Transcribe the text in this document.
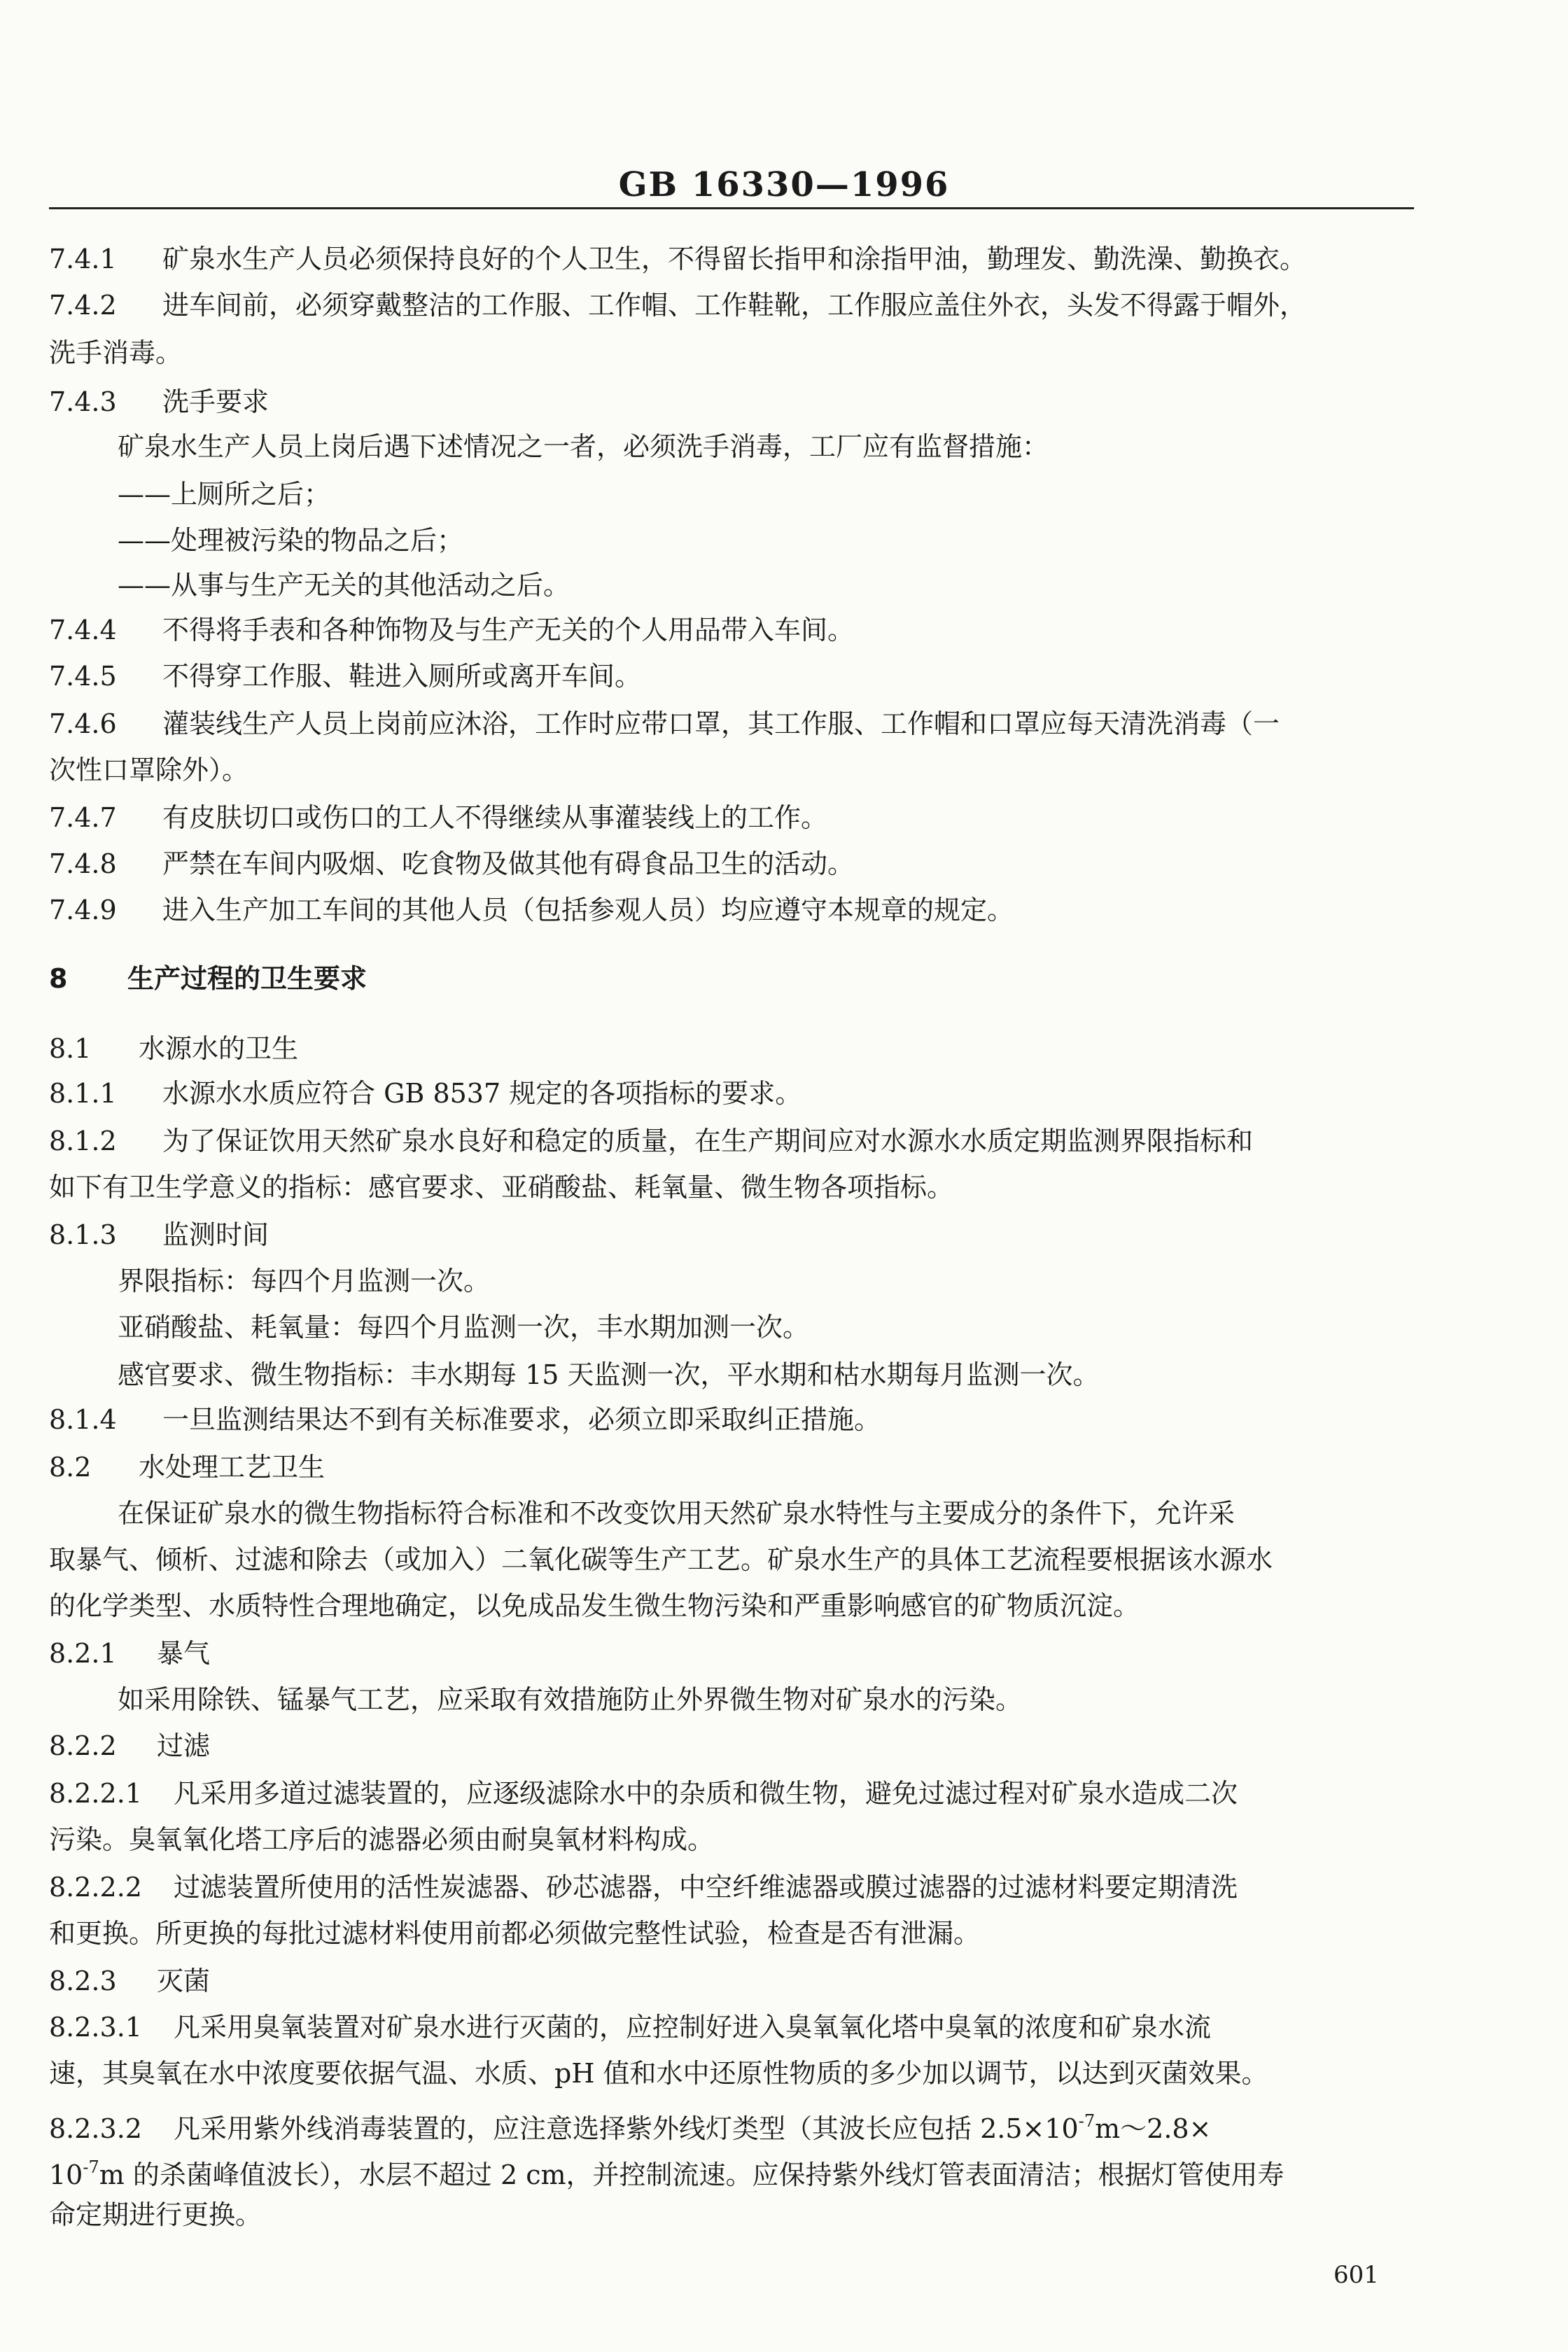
GB 16330—1996
7.4.1 矿泉水生产人员必须保持良好的个人卫生，不得留长指甲和涂指甲油，勤理发、勤洗澡、勤换衣。
7.4.2 进车间前，必须穿戴整洁的工作服、工作帽、工作鞋靴，工作服应盖住外衣，头发不得露于帽外，
洗手消毒。
7.4.3 洗手要求
矿泉水生产人员上岗后遇下述情况之一者，必须洗手消毒，工厂应有监督措施：
——上厕所之后；
——处理被污染的物品之后；
——从事与生产无关的其他活动之后。
7.4.4 不得将手表和各种饰物及与生产无关的个人用品带入车间。
7.4.5 不得穿工作服、鞋进入厕所或离开车间。
7.4.6 灌装线生产人员上岗前应沐浴，工作时应带口罩，其工作服、工作帽和口罩应每天清洗消毒（一
次性口罩除外）。
7.4.7 有皮肤切口或伤口的工人不得继续从事灌装线上的工作。
7.4.8 严禁在车间内吸烟、吃食物及做其他有碍食品卫生的活动。
7.4.9 进入生产加工车间的其他人员（包括参观人员）均应遵守本规章的规定。
8 生产过程的卫生要求
8.1 水源水的卫生
8.1.1 水源水水质应符合 GB 8537 规定的各项指标的要求。
8.1.2 为了保证饮用天然矿泉水良好和稳定的质量，在生产期间应对水源水水质定期监测界限指标和
如下有卫生学意义的指标：感官要求、亚硝酸盐、耗氧量、微生物各项指标。
8.1.3 监测时间
界限指标：每四个月监测一次。
亚硝酸盐、耗氧量：每四个月监测一次，丰水期加测一次。
感官要求、微生物指标：丰水期每 15 天监测一次，平水期和枯水期每月监测一次。
8.1.4 一旦监测结果达不到有关标准要求，必须立即采取纠正措施。
8.2 水处理工艺卫生
在保证矿泉水的微生物指标符合标准和不改变饮用天然矿泉水特性与主要成分的条件下，允许采
取暴气、倾析、过滤和除去（或加入）二氧化碳等生产工艺。矿泉水生产的具体工艺流程要根据该水源水
的化学类型、水质特性合理地确定，以免成品发生微生物污染和严重影响感官的矿物质沉淀。
8.2.1 暴气
如采用除铁、锰暴气工艺，应采取有效措施防止外界微生物对矿泉水的污染。
8.2.2 过滤
8.2.2.1 凡采用多道过滤装置的，应逐级滤除水中的杂质和微生物，避免过滤过程对矿泉水造成二次
污染。臭氧氧化塔工序后的滤器必须由耐臭氧材料构成。
8.2.2.2 过滤装置所使用的活性炭滤器、砂芯滤器，中空纤维滤器或膜过滤器的过滤材料要定期清洗
和更换。所更换的每批过滤材料使用前都必须做完整性试验，检查是否有泄漏。
8.2.3 灭菌
8.2.3.1 凡采用臭氧装置对矿泉水进行灭菌的，应控制好进入臭氧氧化塔中臭氧的浓度和矿泉水流
速，其臭氧在水中浓度要依据气温、水质、pH 值和水中还原性物质的多少加以调节，以达到灭菌效果。
8.2.3.2 凡采用紫外线消毒装置的，应注意选择紫外线灯类型（其波长应包括 $2.5\times 10^{-7}m\sim 2.8\times$
$10^{-7}m$ 的杀菌峰值波长），水层不超过 2 cm，并控制流速。应保持紫外线灯管表面清洁；根据灯管使用寿
命定期进行更换。
601
